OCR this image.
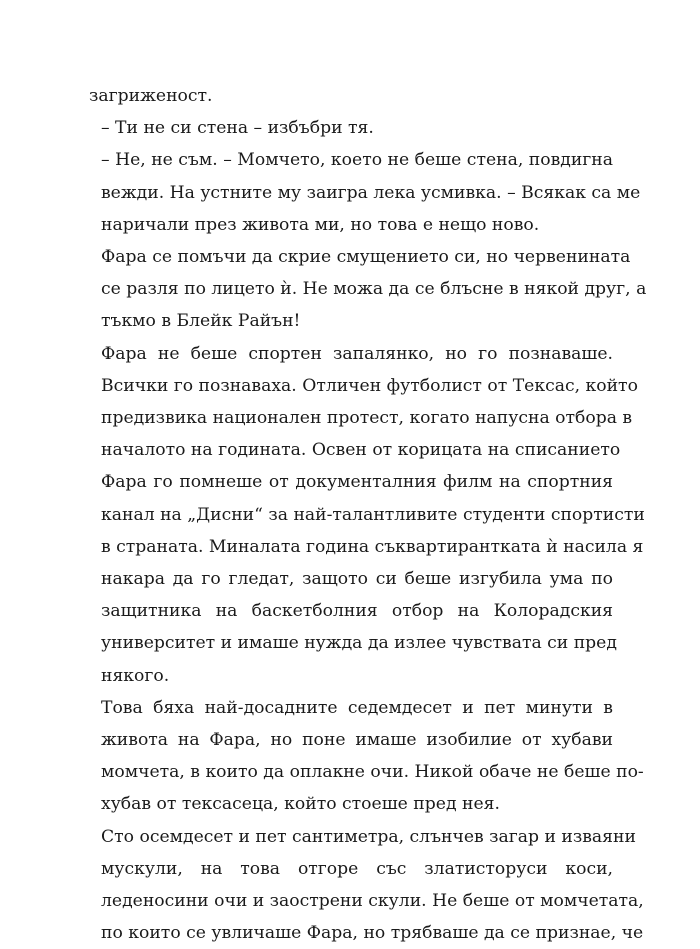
загриженост.
– Ти не си стена – избъбри тя.
– Не, не съм. – Момчето, което не беше стена, повдигна
вежди. На устните му заигра лека усмивка. – Всякак са ме
наричали през живота ми, но това е нещо ново.
Фара се помъчи да скрие смущението си, но червенината
се разля по лицето ѝ. Не можа да се блъсне в някой друг, а
тъкмо в Блейк Райън!
Фара не беше спортен запалянко, но го познаваше.
Всички го познаваха. Отличен футболист от Тексас, който
предизвика национален протест, когато напусна отбора в
началото на годината. Освен от корицата на списанието
Фара го помнеше от документалния филм на спортния
канал на „Дисни“ за най-талантливите студенти спортисти
в страната. Миналата година съквартирантката ѝ насила я
накара да го гледат, защото си беше изгубила ума по
защитника на баскетболния отбор на Колорадския
университет и имаше нужда да излее чувствата си пред
някого.
Това бяха най-досадните седемдесет и пет минути в
живота на Фара, но поне имаше изобилие от хубави
момчета, в които да оплакне очи. Никой обаче не беше по-
хубав от тексасеца, който стоеше пред нея.
Сто осемдесет и пет сантиметра, слънчев загар и изваяни
мускули, на това отгоре със златисторуси коси,
леденосини очи и заострени скули. Не беше от момчетата,
по които се увличаше Фара, но трябваше да се признае, че
